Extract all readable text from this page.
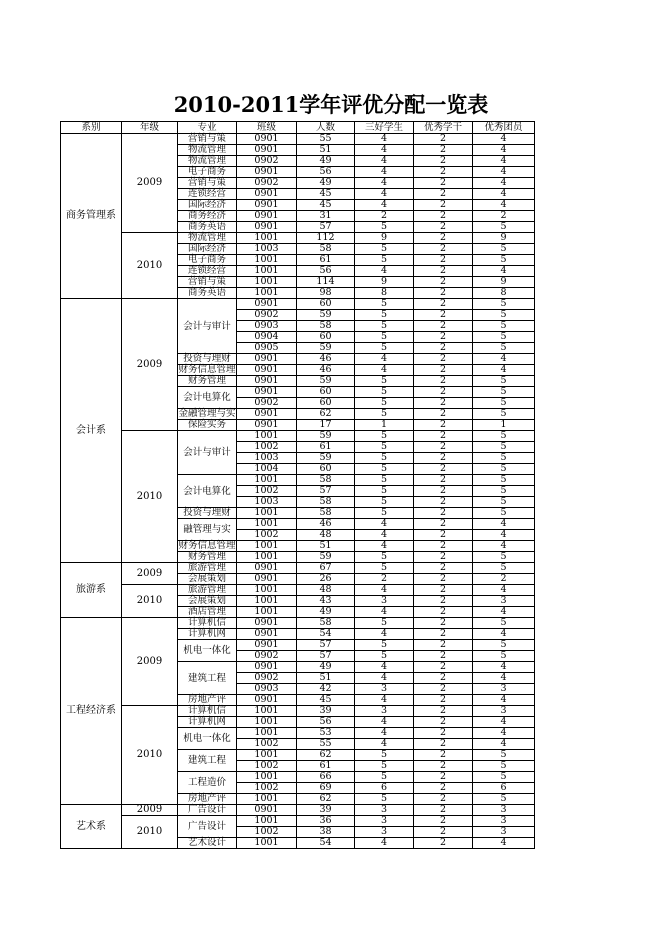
2010-2011学年评优分配一览表
系别	年级	专业	班级	人数	三好学生	优秀学干	优秀团员
商务管理系	2009	营销与策	0901	55	4	2	4
		物流管理	0901	51	4	2	4
		物流管理	0902	49	4	2	4
		电子商务	0901	56	4	2	4
		营销与策	0902	49	4	2	4
		连锁经营	0901	45	4	2	4
		国际经济	0901	45	4	2	4
		商务经济	0901	31	2	2	2
		商务英语	0901	57	5	2	5
	2010	物流管理	1001	112	9	2	9
		国际经济	1003	58	5	2	5
		电子商务	1001	61	5	2	5
		连锁经营	1001	56	4	2	4
		营销与策	1001	114	9	2	9
		商务英语	1001	98	8	2	8
会计系	2009	会计与审计	0901	60	5	2	5
			0902	59	5	2	5
			0903	58	5	2	5
			0904	60	5	2	5
			0905	59	5	2	5
		投资与理财	0901	46	4	2	4
		财务信息管理	0901	46	4	2	4
		财务管理	0901	59	5	2	5
		会计电算化	0901	60	5	2	5
			0902	60	5	2	5
		金融管理与实	0901	62	5	2	5
		保险实务	0901	17	1	2	1
	2010	会计与审计	1001	59	5	2	5
			1002	61	5	2	5
			1003	59	5	2	5
			1004	60	5	2	5
		会计电算化	1001	58	5	2	5
			1002	57	5	2	5
			1003	58	5	2	5
		投资与理财	1001	58	5	2	5
		融管理与实	1001	46	4	2	4
			1002	48	4	2	4
		财务信息管理	1001	51	4	2	4
		财务管理	1001	59	5	2	5
旅游系	2009	旅游管理	0901	67	5	2	5
		会展策划	0901	26	2	2	2
	2010	旅游管理	1001	48	4	2	4
		会展策划	1001	43	3	2	3
		酒店管理	1001	49	4	2	4
工程经济系	2009	计算机信	0901	58	5	2	5
		计算机网	0901	54	4	2	4
		机电一体化	0901	57	5	2	5
			0902	57	5	2	5
		建筑工程	0901	49	4	2	4
			0902	51	4	2	4
			0903	42	3	2	3
		房地产评	0901	45	4	2	4
	2010	计算机信	1001	39	3	2	3
		计算机网	1001	56	4	2	4
		机电一体化	1001	53	4	2	4
			1002	55	4	2	4
		建筑工程	1001	62	5	2	5
			1002	61	5	2	5
		工程造价	1001	66	5	2	5
			1002	69	6	2	6
		房地产评	1001	62	5	2	5
艺术系	2009	广告设计	0901	39	3	2	3
	2010	广告设计	1001	36	3	2	3
			1002	38	3	2	3
		艺术设计	1001	54	4	2	4
